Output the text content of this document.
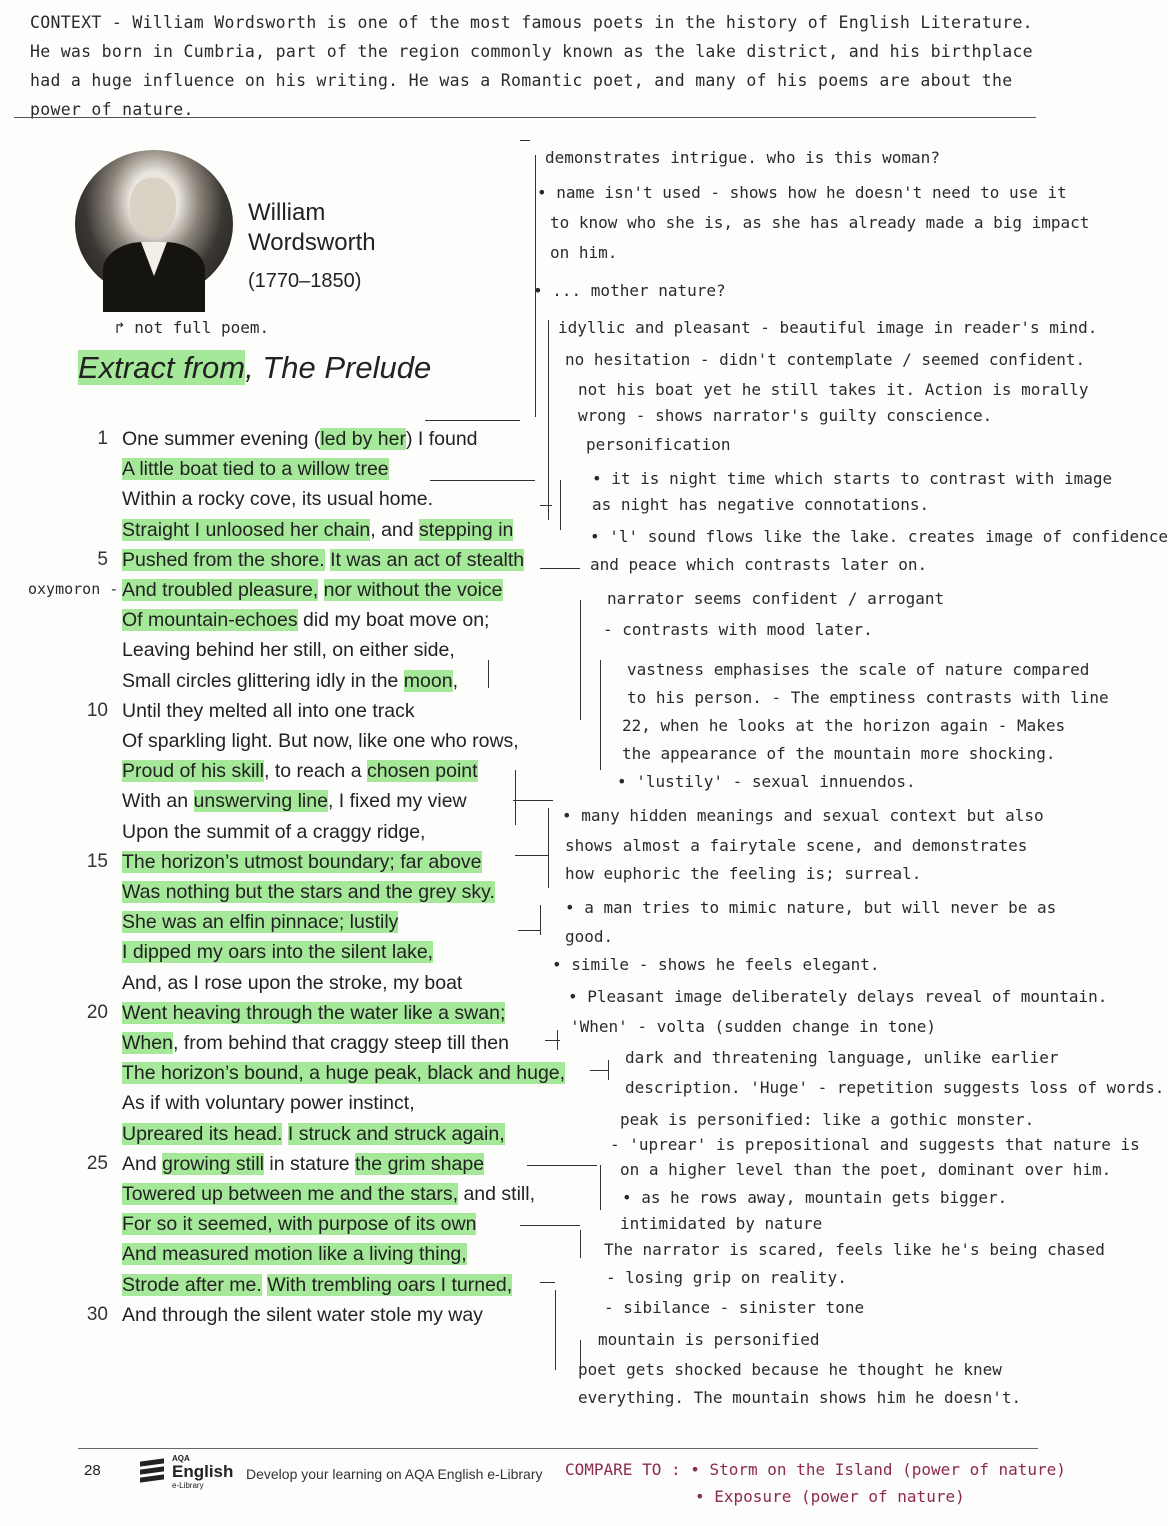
CONTEXT - William Wordsworth is one of the most famous poets in the history of English Literature. He was born in Cumbria, part of the region commonly known as the lake district, and his birthplace had a huge influence on his writing. He was a Romantic poet, and many of his poems are about the power of nature.
William Wordsworth
(1770–1850)
↱ not full poem.
Extract from, The Prelude
oxymoron -
1 One summer evening (led by her) I found
A little boat tied to a willow tree
Within a rocky cove, its usual home.
Straight I unloosed her chain, and stepping in
5 Pushed from the shore. It was an act of stealth
And troubled pleasure, nor without the voice
Of mountain-echoes did my boat move on;
Leaving behind her still, on either side,
Small circles glittering idly in the moon,
10 Until they melted all into one track
Of sparkling light. But now, like one who rows,
Proud of his skill, to reach a chosen point
With an unswerving line, I fixed my view
Upon the summit of a craggy ridge,
15 The horizon’s utmost boundary; far above
Was nothing but the stars and the grey sky.
She was an elfin pinnace; lustily
I dipped my oars into the silent lake,
And, as I rose upon the stroke, my boat
20 Went heaving through the water like a swan;
When, from behind that craggy steep till then
The horizon’s bound, a huge peak, black and huge,
As if with voluntary power instinct,
Upreared its head. I struck and struck again,
25 And growing still in stature the grim shape
Towered up between me and the stars, and still,
For so it seemed, with purpose of its own
And measured motion like a living thing,
Strode after me. With trembling oars I turned,
30 And through the silent water stole my way
demonstrates intrigue. who is this woman?
• name isn't used - shows how he doesn't need to use it
to know who she is, as she has already made a big impact
on him.
• ... mother nature?
idyllic and pleasant - beautiful image in reader's mind.
no hesitation - didn't contemplate / seemed confident.
not his boat yet he still takes it. Action is morally
wrong - shows narrator's guilty conscience.
personification
• it is night time which starts to contrast with image
as night has negative connotations.
• 'l' sound flows like the lake. creates image of confidence
and peace which contrasts later on.
narrator seems confident / arrogant
- contrasts with mood later.
vastness emphasises the scale of nature compared
to his person. - The emptiness contrasts with line
22, when he looks at the horizon again - Makes
the appearance of the mountain more shocking.
• 'lustily' - sexual innuendos.
• many hidden meanings and sexual context but also
shows almost a fairytale scene, and demonstrates
how euphoric the feeling is; surreal.
• a man tries to mimic nature, but will never be as
good.
• simile - shows he feels elegant.
• Pleasant image deliberately delays reveal of mountain.
'When' - volta (sudden change in tone)
dark and threatening language, unlike earlier
description. 'Huge' - repetition suggests loss of words.
peak is personified: like a gothic monster.
- 'uprear' is prepositional and suggests that nature is
on a higher level than the poet, dominant over him.
• as he rows away, mountain gets bigger.
intimidated by nature
The narrator is scared, feels like he's being chased
- losing grip on reality.
- sibilance - sinister tone
mountain is personified
poet gets shocked because he thought he knew
everything. The mountain shows him he doesn't.
28
AQA
English
e-Library
Develop your learning on AQA English e-Library COMPARE TO : • Storm on the Island (power of nature)
• Exposure (power of nature)
